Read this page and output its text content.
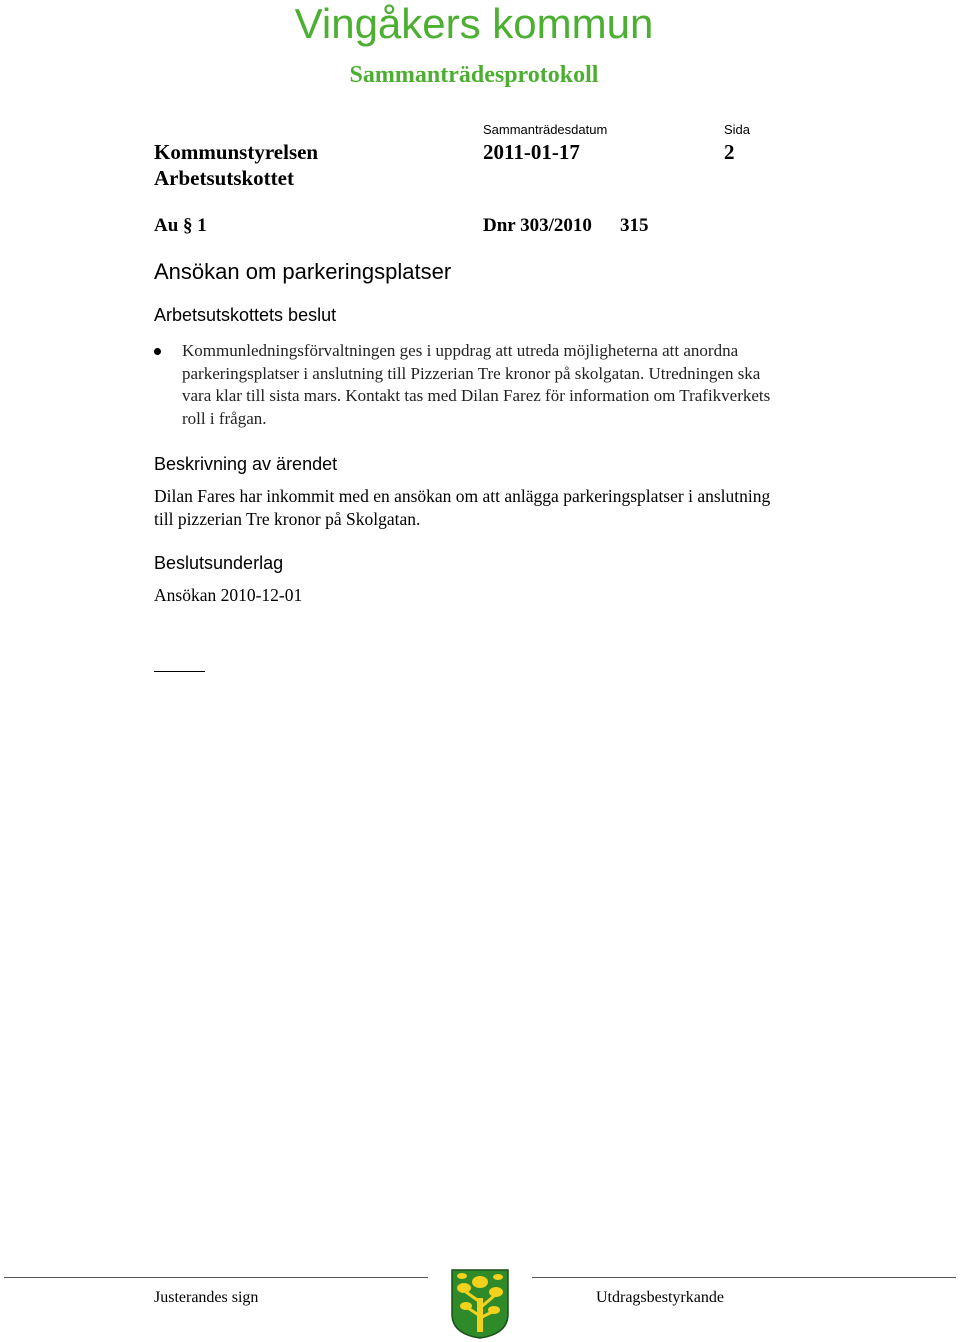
Vingåkers kommun
Sammanträdesprotokoll
Sammanträdesdatum	Sida
Kommunstyrelsen
Arbetsutskottet
2011-01-17	2
Au § 1	Dnr 303/2010 315
Ansökan om parkeringsplatser
Arbetsutskottets beslut
Kommunledningsförvaltningen ges i uppdrag att utreda möjligheterna att anordna parkeringsplatser i anslutning till Pizzerian Tre kronor på skolgatan. Utredningen ska vara klar till sista mars. Kontakt tas med Dilan Farez för information om Trafikverkets roll i frågan.
Beskrivning av ärendet
Dilan Fares har inkommit med en ansökan om att anlägga parkeringsplatser i anslutning till pizzerian Tre kronor på Skolgatan.
Beslutsunderlag
Ansökan 2010-12-01
Justerandes sign	Utdragsbestyrkande
